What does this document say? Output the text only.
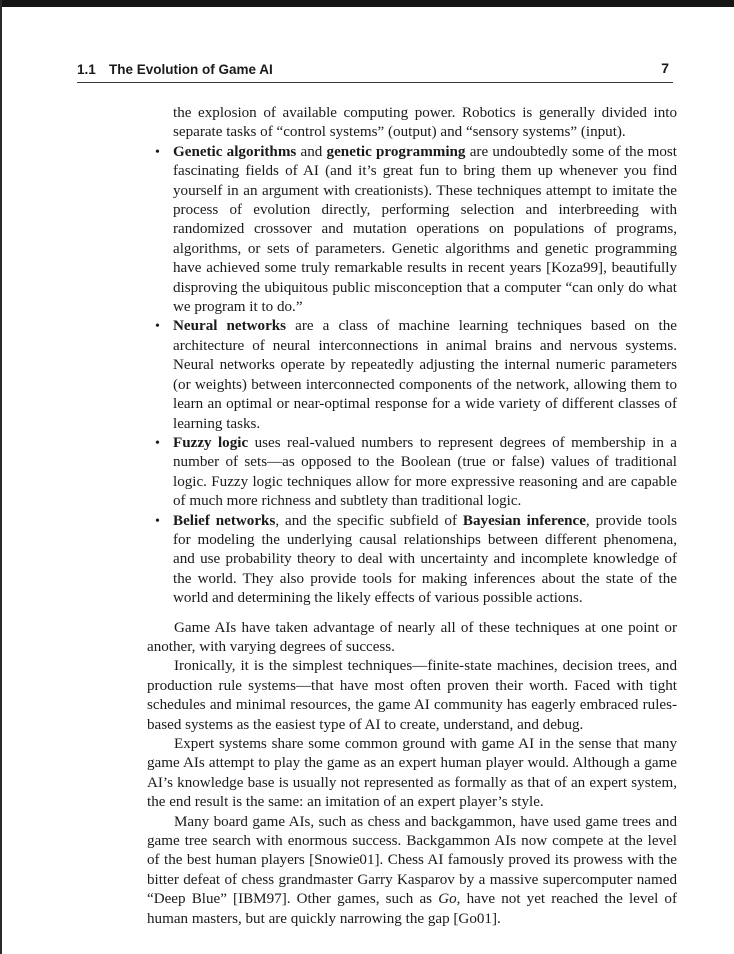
1.1 The Evolution of Game AI	7
the explosion of available computing power. Robotics is generally divided into separate tasks of “control systems” (output) and “sensory systems” (input).
• Genetic algorithms and genetic programming are undoubtedly some of the most fascinating fields of AI (and it’s great fun to bring them up whenever you find yourself in an argument with creationists). These techniques attempt to imitate the process of evolution directly, performing selection and interbreeding with randomized crossover and mutation operations on populations of programs, algorithms, or sets of parameters. Genetic algorithms and genetic programming have achieved some truly remarkable results in recent years [Koza99], beautifully disproving the ubiquitous public misconception that a computer “can only do what we program it to do.”
• Neural networks are a class of machine learning techniques based on the architecture of neural interconnections in animal brains and nervous systems. Neural networks operate by repeatedly adjusting the internal numeric parameters (or weights) between interconnected components of the network, allowing them to learn an optimal or near-optimal response for a wide variety of different classes of learning tasks.
• Fuzzy logic uses real-valued numbers to represent degrees of membership in a number of sets—as opposed to the Boolean (true or false) values of traditional logic. Fuzzy logic techniques allow for more expressive reasoning and are capable of much more richness and subtlety than traditional logic.
• Belief networks, and the specific subfield of Bayesian inference, provide tools for modeling the underlying causal relationships between different phenomena, and use probability theory to deal with uncertainty and incomplete knowledge of the world. They also provide tools for making inferences about the state of the world and determining the likely effects of various possible actions.

Game AIs have taken advantage of nearly all of these techniques at one point or another, with varying degrees of success.

Ironically, it is the simplest techniques—finite-state machines, decision trees, and production rule systems—that have most often proven their worth. Faced with tight schedules and minimal resources, the game AI community has eagerly embraced rules-based systems as the easiest type of AI to create, understand, and debug.

Expert systems share some common ground with game AI in the sense that many game AIs attempt to play the game as an expert human player would. Although a game AI’s knowledge base is usually not represented as formally as that of an expert system, the end result is the same: an imitation of an expert player’s style.

Many board game AIs, such as chess and backgammon, have used game trees and game tree search with enormous success. Backgammon AIs now compete at the level of the best human players [Snowie01]. Chess AI famously proved its prowess with the bitter defeat of chess grandmaster Garry Kasparov by a massive supercomputer named “Deep Blue” [IBM97]. Other games, such as Go, have not yet reached the level of human masters, but are quickly narrowing the gap [Go01].
